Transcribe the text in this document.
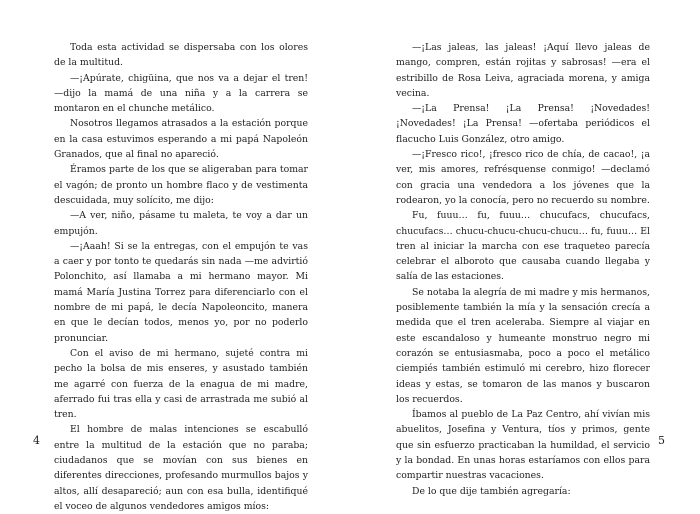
Toda esta actividad se dispersaba con los olores de la multitud.

—¡Apúrate, chigüina, que nos va a dejar el tren! —dijo la mamá de una niña y a la carrera se montaron en el chunche metálico.

Nosotros llegamos atrasados a la estación porque en la casa estuvimos esperando a mi papá Napoleón Granados, que al final no apareció.

Éramos parte de los que se aligeraban para tomar el vagón; de pronto un hombre flaco y de vestimenta descuidada, muy solícito, me dijo:

—A ver, niño, pásame tu maleta, te voy a dar un empujón.

—¡Aaah! Si se la entregas, con el empujón te vas a caer y por tonto te quedarás sin nada —me advirtió Polonchito, así llamaba a mi hermano mayor. Mi mamá María Justina Torrez para diferenciarlo con el nombre de mi papá, le decía Napoleoncito, manera en que le decían todos, menos yo, por no poderlo pronunciar.

Con el aviso de mi hermano, sujeté contra mi pecho la bolsa de mis enseres, y asustado también me agarré con fuerza de la enagua de mi madre, aferrado fui tras ella y casi de arrastrada me subió al tren.

El hombre de malas intenciones se escabulló entre la multitud de la estación que no paraba; ciudadanos que se movían con sus bienes en diferentes direcciones, profesando murmullos bajos y altos, allí desapareció; aun con esa bulla, identifiqué el voceo de algunos vendedores amigos míos:

4

—¡Las jaleas, las jaleas! ¡Aquí llevo jaleas de mango, compren, están rojitas y sabrosas! —era el estribillo de Rosa Leiva, agraciada morena, y amiga vecina.

—¡La Prensa! ¡La Prensa! ¡Novedades! ¡Novedades! ¡La Prensa! —ofertaba periódicos el flacucho Luis González, otro amigo.

—¡Fresco rico!, ¡fresco rico de chía, de cacao!, ¡a ver, mis amores, refrésquense conmigo! —declamó con gracia una vendedora a los jóvenes que la rodearon, yo la conocía, pero no recuerdo su nombre.

Fu, fuuu… fu, fuuu… chucufacs, chucufacs, chucufacs… chucu-chucu-chucu-chucu… fu, fuuu… El tren al iniciar la marcha con ese traqueteo parecía celebrar el alboroto que causaba cuando llegaba y salía de las estaciones.

Se notaba la alegría de mi madre y mis hermanos, posiblemente también la mía y la sensación crecía a medida que el tren aceleraba. Siempre al viajar en este escandaloso y humeante monstruo negro mi corazón se entusiasmaba, poco a poco el metálico ciempiés también estimuló mi cerebro, hizo florecer ideas y estas, se tomaron de las manos y buscaron los recuerdos.

Íbamos al pueblo de La Paz Centro, ahí vivían mis abuelitos, Josefina y Ventura, tíos y primos, gente que sin esfuerzo practicaban la humildad, el servicio y la bondad. En unas horas estaríamos con ellos para compartir nuestras vacaciones.

De lo que dije también agregaría:

5
